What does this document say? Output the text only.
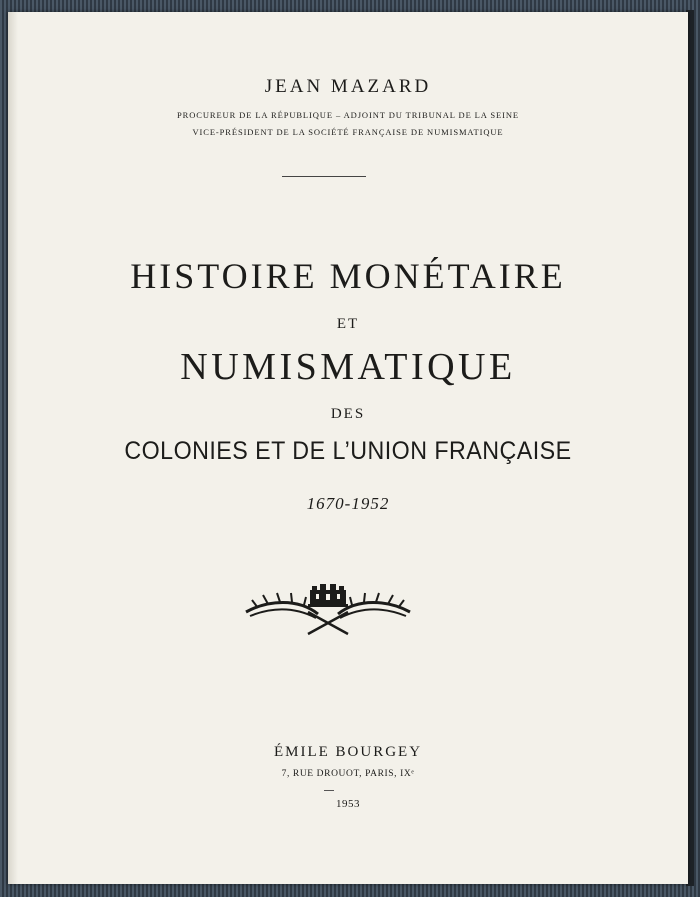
JEAN MAZARD
PROCUREUR DE LA RÉPUBLIQUE – ADJOINT DU TRIBUNAL DE LA SEINE
VICE-PRÉSIDENT DE LA SOCIÉTÉ FRANÇAISE DE NUMISMATIQUE
HISTOIRE MONÉTAIRE
ET
NUMISMATIQUE
DES
COLONIES ET DE L’UNION FRANÇAISE
1670-1952
ÉMILE BOURGEY
7, RUE DROUOT, PARIS, IXᵉ
1953
